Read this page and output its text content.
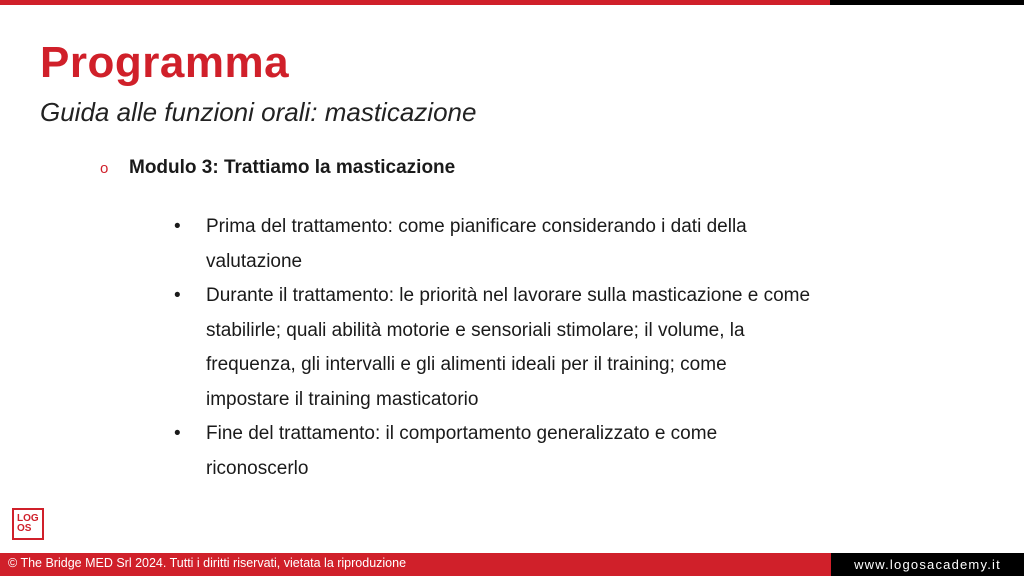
Programma
Guida alle funzioni orali: masticazione
o Modulo 3: Trattiamo la masticazione
• Prima del trattamento: come pianificare considerando i dati della valutazione
• Durante il trattamento: le priorità nel lavorare sulla masticazione e come stabilirle; quali abilità motorie e sensoriali stimolare; il volume, la frequenza, gli intervalli e gli alimenti ideali per il training; come impostare il training masticatorio
• Fine del trattamento: il comportamento generalizzato e come riconoscerlo
LOG
OS
© The Bridge MED Srl 2024. Tutti i diritti riservati, vietata la riproduzione	www.logosacademy.it
